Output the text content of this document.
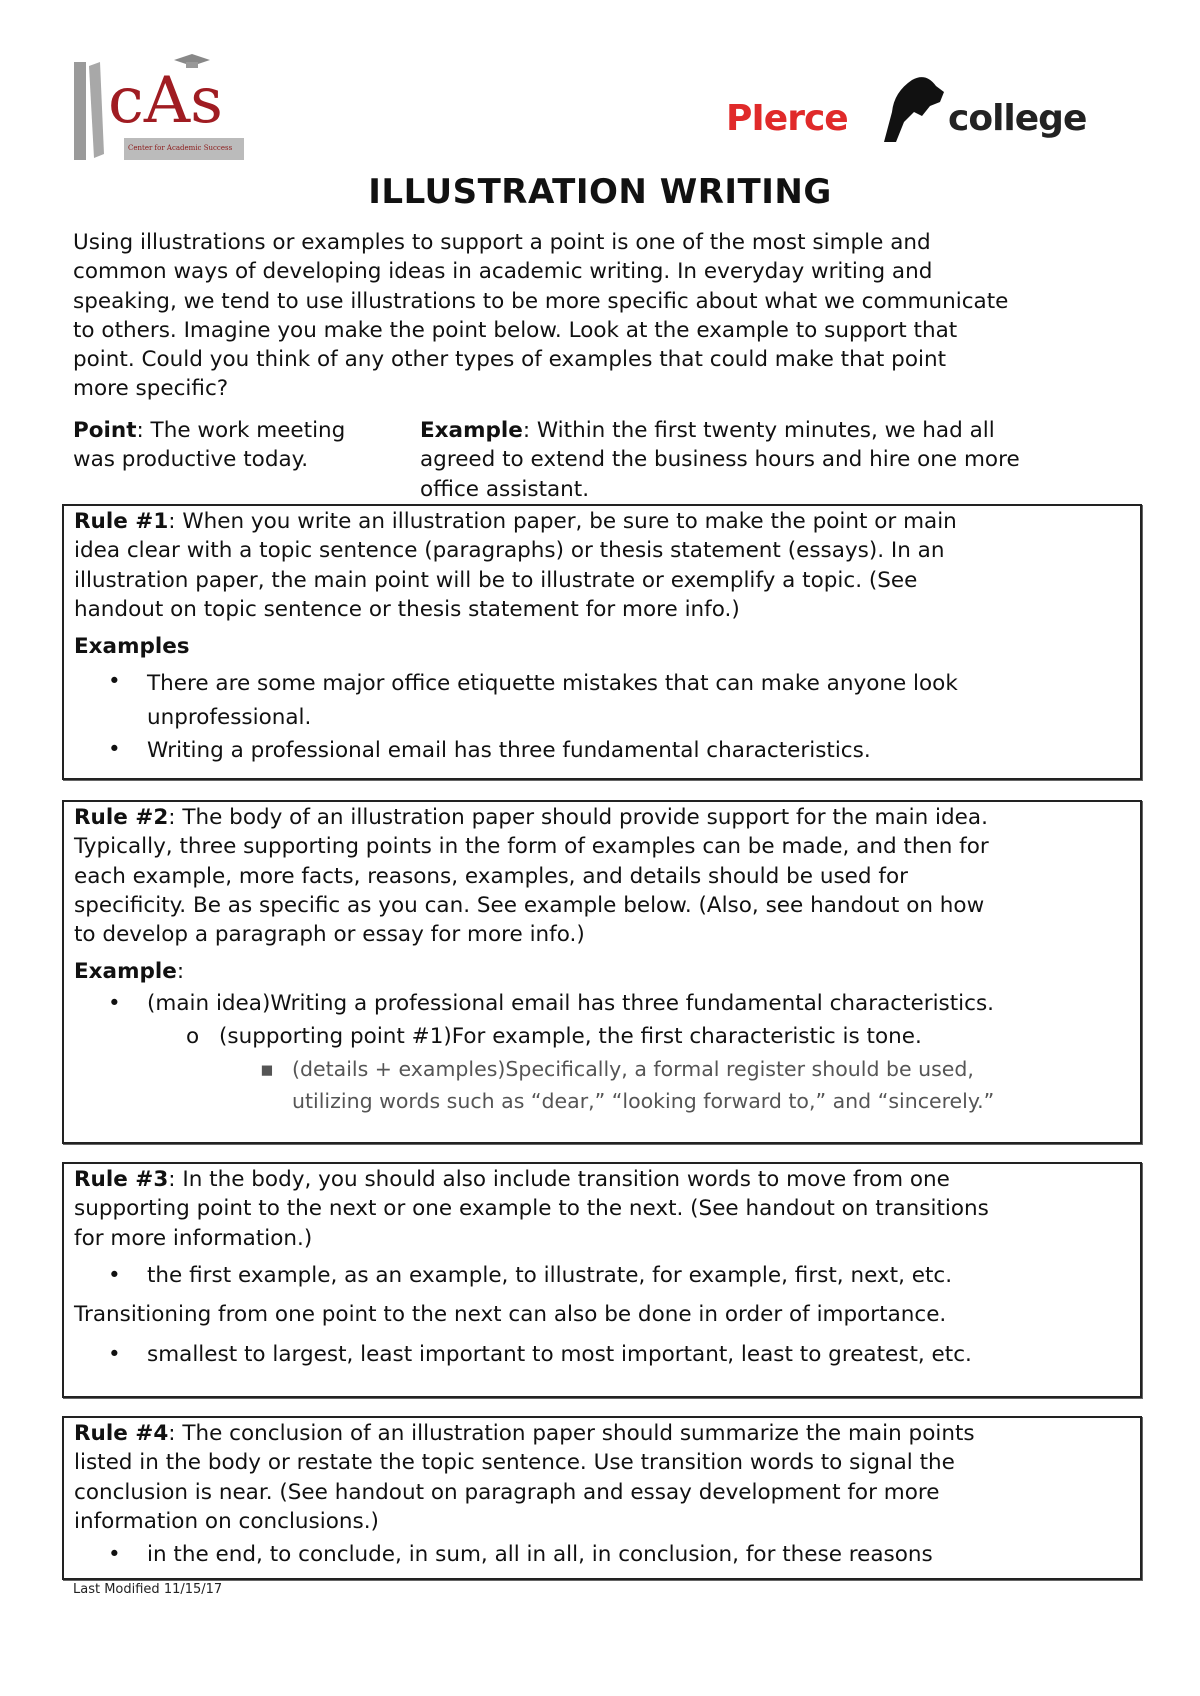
cAs
Center for Academic Success
PIerce	college
ILLUSTRATION WRITING
Using illustrations or examples to support a point is one of the most simple and
common ways of developing ideas in academic writing. In everyday writing and
speaking, we tend to use illustrations to be more specific about what we communicate
to others. Imagine you make the point below. Look at the example to support that
point. Could you think of any other types of examples that could make that point
more specific?
Point: The work meeting
was productive today.
Example: Within the first twenty minutes, we had all
agreed to extend the business hours and hire one more
office assistant.
Rule #1: When you write an illustration paper, be sure to make the point or main
idea clear with a topic sentence (paragraphs) or thesis statement (essays). In an
illustration paper, the main point will be to illustrate or exemplify a topic. (See
handout on topic sentence or thesis statement for more info.)
Examples
• There are some major office etiquette mistakes that can make anyone look
unprofessional.
• Writing a professional email has three fundamental characteristics.
Rule #2: The body of an illustration paper should provide support for the main idea.
Typically, three supporting points in the form of examples can be made, and then for
each example, more facts, reasons, examples, and details should be used for
specificity. Be as specific as you can. See example below. (Also, see handout on how
to develop a paragraph or essay for more info.)
Example:
• (main idea)Writing a professional email has three fundamental characteristics.
o (supporting point #1)For example, the first characteristic is tone.
▪ (details + examples)Specifically, a formal register should be used,
utilizing words such as “dear,” “looking forward to,” and “sincerely.”
Rule #3: In the body, you should also include transition words to move from one
supporting point to the next or one example to the next. (See handout on transitions
for more information.)
• the first example, as an example, to illustrate, for example, first, next, etc.
Transitioning from one point to the next can also be done in order of importance.
• smallest to largest, least important to most important, least to greatest, etc.
Rule #4: The conclusion of an illustration paper should summarize the main points
listed in the body or restate the topic sentence. Use transition words to signal the
conclusion is near. (See handout on paragraph and essay development for more
information on conclusions.)
• in the end, to conclude, in sum, all in all, in conclusion, for these reasons
Last Modified 11/15/17
